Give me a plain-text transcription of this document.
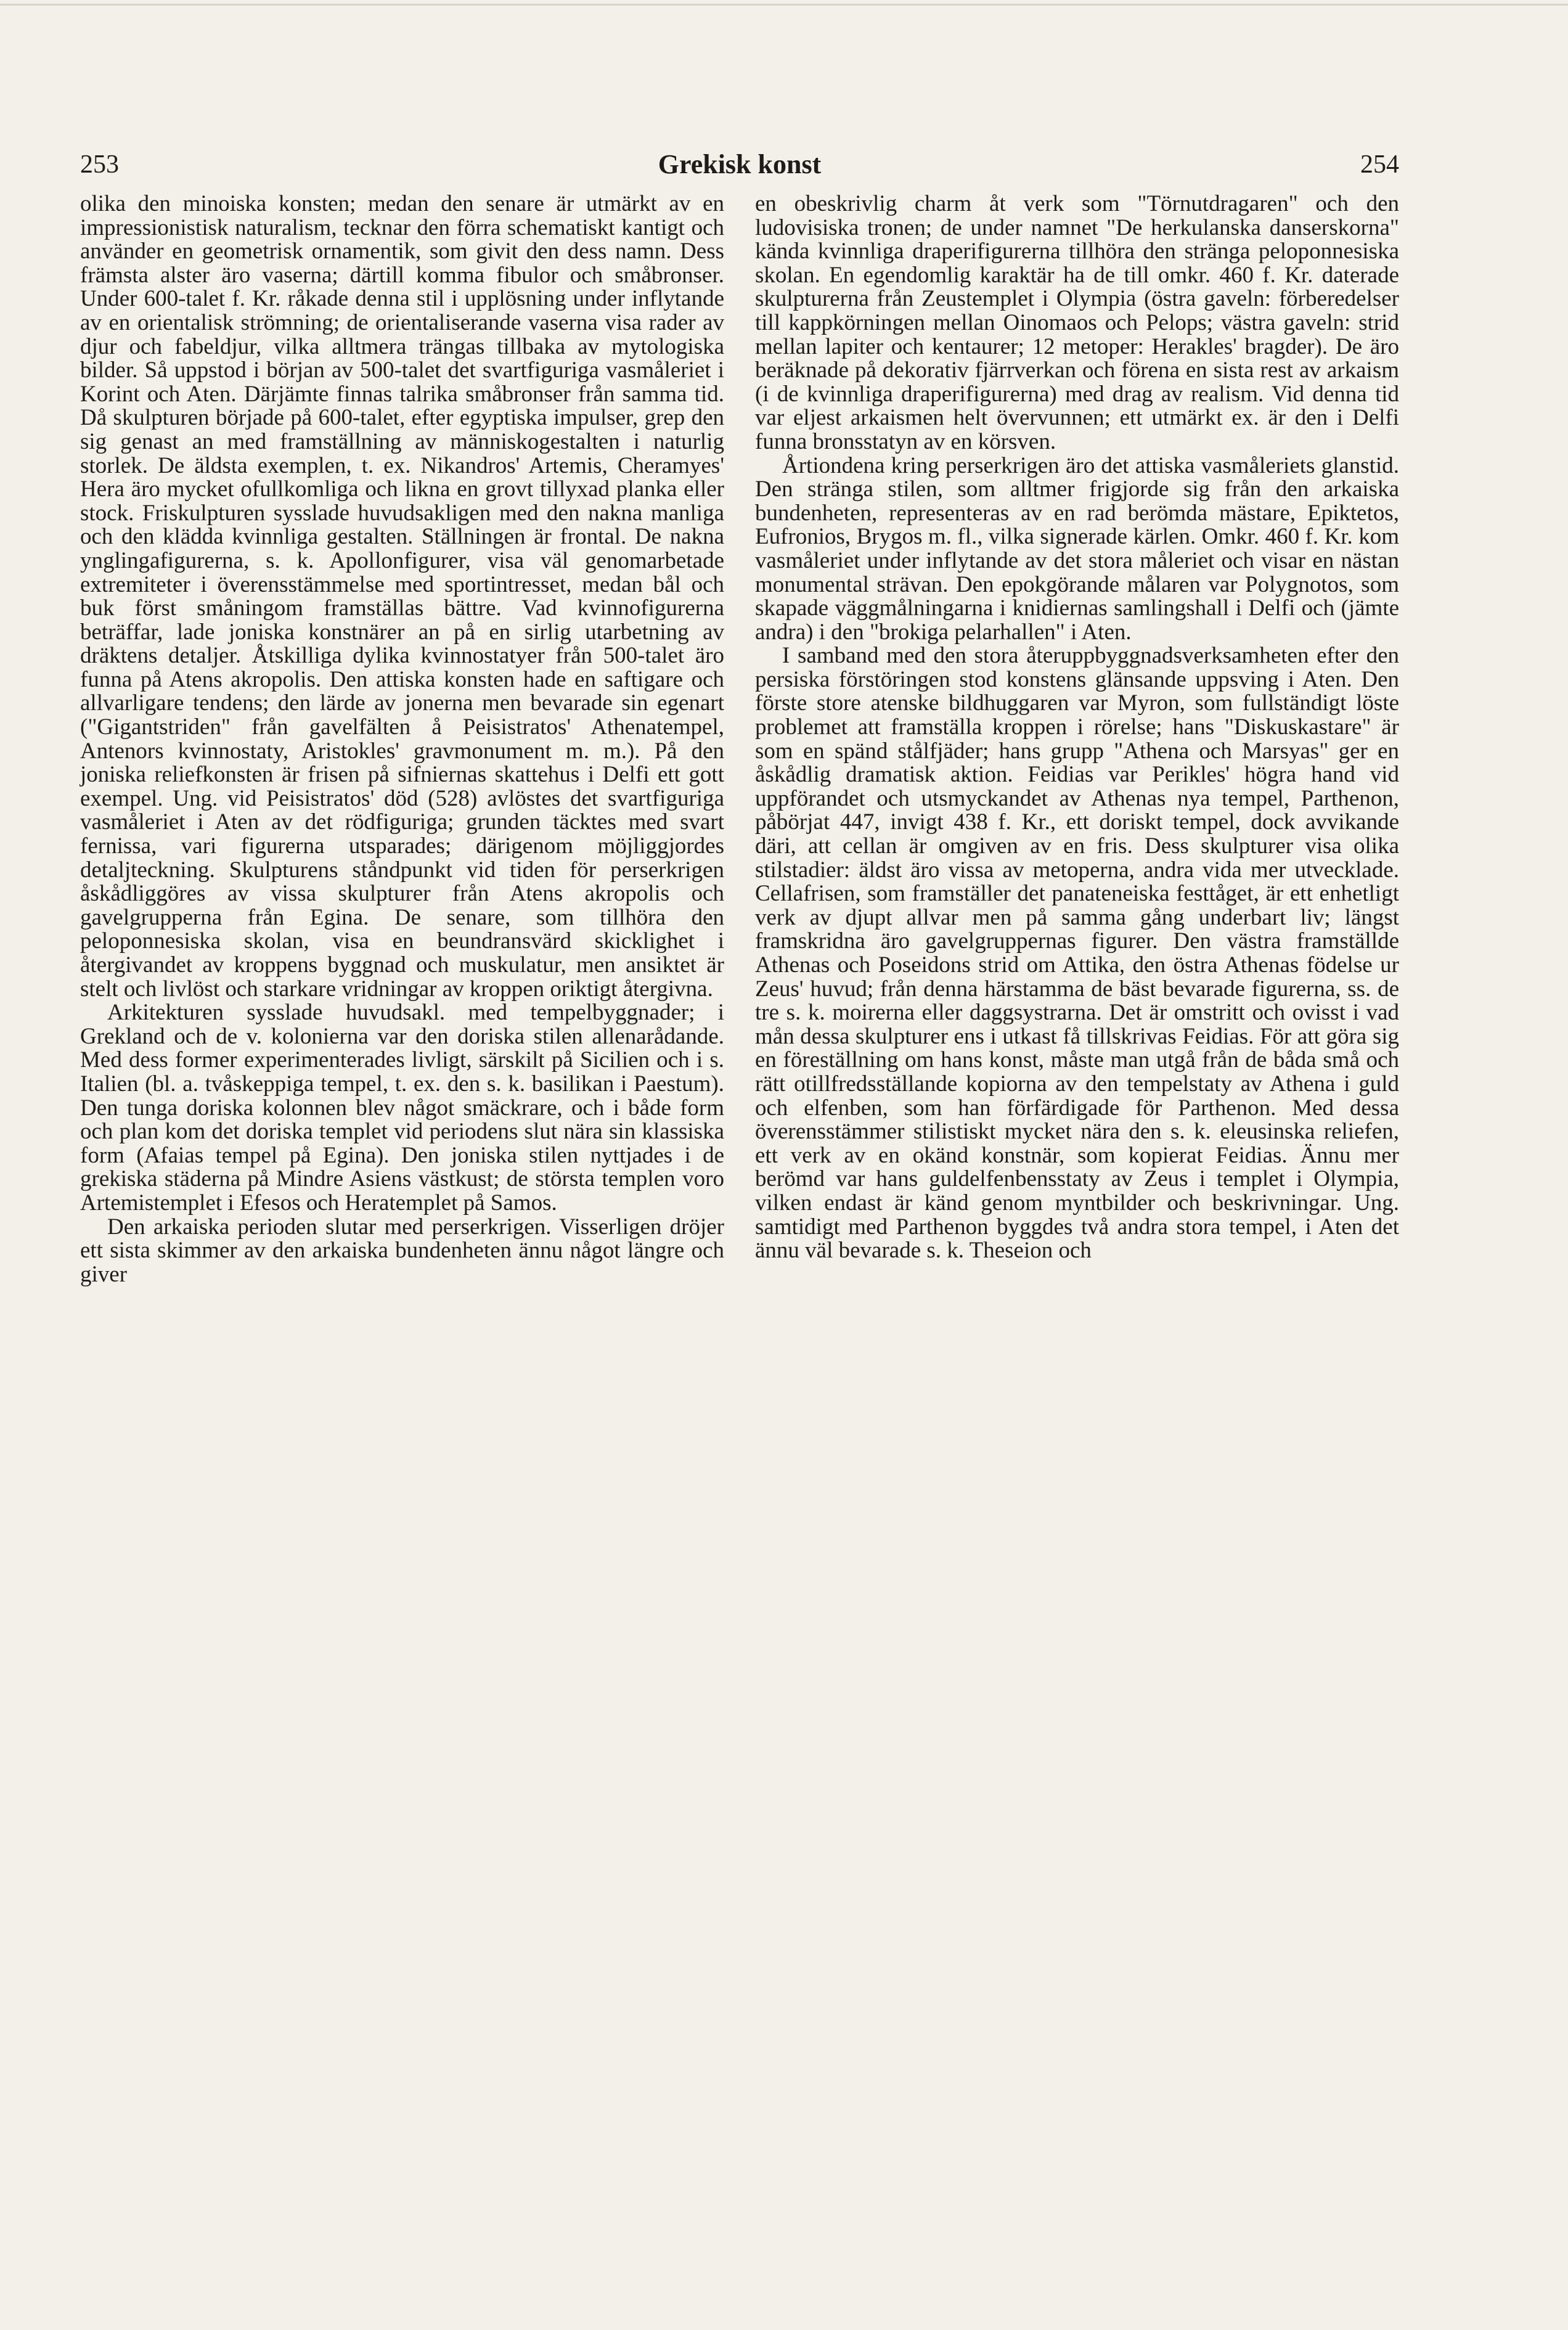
253	Grekisk konst	254

olika den minoiska konsten; medan den senare är utmärkt av en impressionistisk naturalism, tecknar den förra schematiskt kantigt och använder en geometrisk ornamentik, som givit den dess namn. Dess främsta alster äro vaserna; därtill komma fibulor och småbronser. Under 600-talet f. Kr. råkade denna stil i upplösning under inflytande av en orientalisk strömning; de orientaliserande vaserna visa rader av djur och fabeldjur, vilka alltmera trängas tillbaka av mytologiska bilder. Så uppstod i början av 500-talet det svartfiguriga vasmåleriet i Korint och Aten. Därjämte finnas talrika småbronser från samma tid. Då skulpturen började på 600-talet, efter egyptiska impulser, grep den sig genast an med framställning av människogestalten i naturlig storlek. De äldsta exemplen, t. ex. Nikandros' Artemis, Cheramyes' Hera äro mycket ofullkomliga och likna en grovt tillyxad planka eller stock. Friskulpturen sysslade huvudsakligen med den nakna manliga och den klädda kvinnliga gestalten. Ställningen är frontal. De nakna ynglingafigurerna, s. k. Apollonfigurer, visa väl genomarbetade extremiteter i överensstämmelse med sportintresset, medan bål och buk först småningom framställas bättre. Vad kvinnofigurerna beträffar, lade joniska konstnärer an på en sirlig utarbetning av dräktens detaljer. Åtskilliga dylika kvinnostatyer från 500-talet äro funna på Atens akropolis. Den attiska konsten hade en saftigare och allvarligare tendens; den lärde av jonerna men bevarade sin egenart ("Gigantstriden" från gavelfälten å Peisistratos' Athenatempel, Antenors kvinnostaty, Aristokles' gravmonument m. m.). På den joniska reliefkonsten är frisen på sifniernas skattehus i Delfi ett gott exempel. Ung. vid Peisistratos' död (528) avlöstes det svartfiguriga vasmåleriet i Aten av det rödfiguriga; grunden täcktes med svart fernissa, vari figurerna utsparades; därigenom möjliggjordes detaljteckning. Skulpturens ståndpunkt vid tiden för perserkrigen åskådliggöres av vissa skulpturer från Atens akropolis och gavelgrupperna från Egina. De senare, som tillhöra den peloponnesiska skolan, visa en beundransvärd skicklighet i återgivandet av kroppens byggnad och muskulatur, men ansiktet är stelt och livlöst och starkare vridningar av kroppen oriktigt återgivna.

Arkitekturen sysslade huvudsakl. med tempelbyggnader; i Grekland och de v. kolonierna var den doriska stilen allenarådande. Med dess former experimenterades livligt, särskilt på Sicilien och i s. Italien (bl. a. tvåskeppiga tempel, t. ex. den s. k. basilikan i Paestum). Den tunga doriska kolonnen blev något smäckrare, och i både form och plan kom det doriska templet vid periodens slut nära sin klassiska form (Afaias tempel på Egina). Den joniska stilen nyttjades i de grekiska städerna på Mindre Asiens västkust; de största templen voro Artemistemplet i Efesos och Heratemplet på Samos.

Den arkaiska perioden slutar med perserkrigen. Visserligen dröjer ett sista skimmer av den arkaiska bundenheten ännu något längre och giver

en obeskrivlig charm åt verk som "Törnutdragaren" och den ludovisiska tronen; de under namnet "De herkulanska danserskorna" kända kvinnliga draperifigurerna tillhöra den stränga peloponnesiska skolan. En egendomlig karaktär ha de till omkr. 460 f. Kr. daterade skulpturerna från Zeustemplet i Olympia (östra gaveln: förberedelser till kappkörningen mellan Oinomaos och Pelops; västra gaveln: strid mellan lapiter och kentaurer; 12 metoper: Herakles' bragder). De äro beräknade på dekorativ fjärrverkan och förena en sista rest av arkaism (i de kvinnliga draperifigurerna) med drag av realism. Vid denna tid var eljest arkaismen helt övervunnen; ett utmärkt ex. är den i Delfi funna bronsstatyn av en körsven.

Årtiondena kring perserkrigen äro det attiska vasmåleriets glanstid. Den stränga stilen, som alltmer frigjorde sig från den arkaiska bundenheten, representeras av en rad berömda mästare, Epiktetos, Eufronios, Brygos m. fl., vilka signerade kärlen. Omkr. 460 f. Kr. kom vasmåleriet under inflytande av det stora måleriet och visar en nästan monumental strävan. Den epokgörande målaren var Polygnotos, som skapade väggmålningarna i knidiernas samlingshall i Delfi och (jämte andra) i den "brokiga pelarhallen" i Aten.

I samband med den stora återuppbyggnadsverksamheten efter den persiska förstöringen stod konstens glänsande uppsving i Aten. Den förste store atenske bildhuggaren var Myron, som fullständigt löste problemet att framställa kroppen i rörelse; hans "Diskuskastare" är som en spänd stålfjäder; hans grupp "Athena och Marsyas" ger en åskådlig dramatisk aktion. Feidias var Perikles' högra hand vid uppförandet och utsmyckandet av Athenas nya tempel, Parthenon, påbörjat 447, invigt 438 f. Kr., ett doriskt tempel, dock avvikande däri, att cellan är omgiven av en fris. Dess skulpturer visa olika stilstadier: äldst äro vissa av metoperna, andra vida mer utvecklade. Cellafrisen, som framställer det panateneiska festtåget, är ett enhetligt verk av djupt allvar men på samma gång underbart liv; längst framskridna äro gavelgruppernas figurer. Den västra framställde Athenas och Poseidons strid om Attika, den östra Athenas födelse ur Zeus' huvud; från denna härstamma de bäst bevarade figurerna, ss. de tre s. k. moirerna eller daggsystrarna. Det är omstritt och ovisst i vad mån dessa skulpturer ens i utkast få tillskrivas Feidias. För att göra sig en föreställning om hans konst, måste man utgå från de båda små och rätt otillfredsställande kopiorna av den tempelstaty av Athena i guld och elfenben, som han förfärdigade för Parthenon. Med dessa överensstämmer stilistiskt mycket nära den s. k. eleusinska reliefen, ett verk av en okänd konstnär, som kopierat Feidias. Ännu mer berömd var hans guldelfenbensstaty av Zeus i templet i Olympia, vilken endast är känd genom myntbilder och beskrivningar. Ung. samtidigt med Parthenon byggdes två andra stora tempel, i Aten det ännu väl bevarade s. k. Theseion och
